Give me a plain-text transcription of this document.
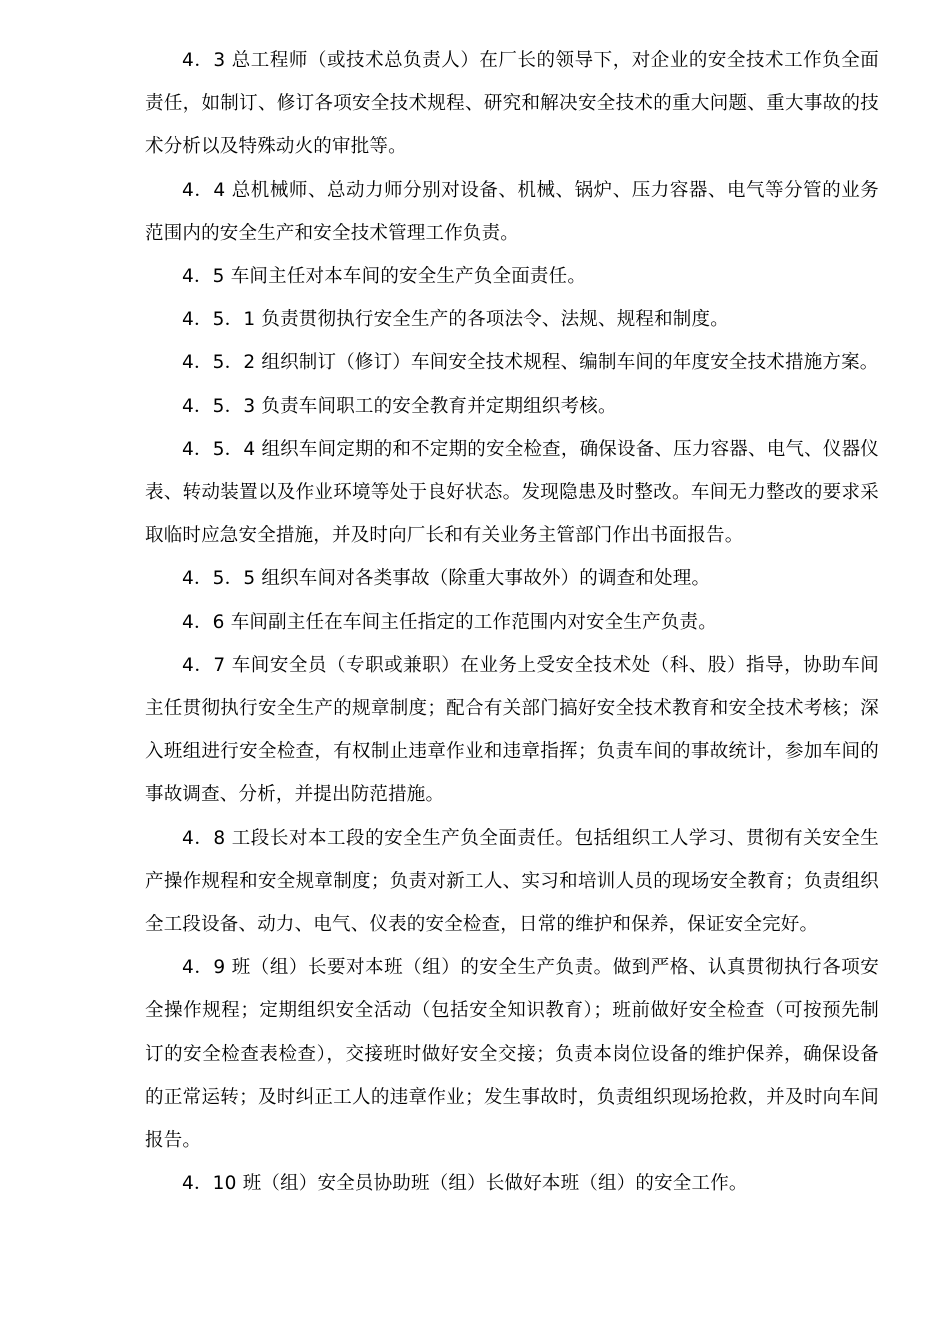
4．3 总工程师（或技术总负责人）在厂长的领导下，对企业的安全技术工作负全面责任，如制订、修订各项安全技术规程、研究和解决安全技术的重大问题、重大事故的技术分析以及特殊动火的审批等。

4．4 总机械师、总动力师分别对设备、机械、锅炉、压力容器、电气等分管的业务范围内的安全生产和安全技术管理工作负责。

4．5 车间主任对本车间的安全生产负全面责任。

4．5．1 负责贯彻执行安全生产的各项法令、法规、规程和制度。

4．5．2 组织制订（修订）车间安全技术规程、编制车间的年度安全技术措施方案。

4．5．3 负责车间职工的安全教育并定期组织考核。

4．5．4 组织车间定期的和不定期的安全检查，确保设备、压力容器、电气、仪器仪表、转动装置以及作业环境等处于良好状态。发现隐患及时整改。车间无力整改的要求采取临时应急安全措施，并及时向厂长和有关业务主管部门作出书面报告。

4．5．5 组织车间对各类事故（除重大事故外）的调查和处理。

4．6 车间副主任在车间主任指定的工作范围内对安全生产负责。

4．7 车间安全员（专职或兼职）在业务上受安全技术处（科、股）指导，协助车间主任贯彻执行安全生产的规章制度；配合有关部门搞好安全技术教育和安全技术考核；深入班组进行安全检查，有权制止违章作业和违章指挥；负责车间的事故统计，参加车间的事故调查、分析，并提出防范措施。

4．8 工段长对本工段的安全生产负全面责任。包括组织工人学习、贯彻有关安全生产操作规程和安全规章制度；负责对新工人、实习和培训人员的现场安全教育；负责组织全工段设备、动力、电气、仪表的安全检查，日常的维护和保养，保证安全完好。

4．9 班（组）长要对本班（组）的安全生产负责。做到严格、认真贯彻执行各项安全操作规程；定期组织安全活动（包括安全知识教育）；班前做好安全检查（可按预先制订的安全检查表检查），交接班时做好安全交接；负责本岗位设备的维护保养，确保设备的正常运转；及时纠正工人的违章作业；发生事故时，负责组织现场抢救，并及时向车间报告。

4．10 班（组）安全员协助班（组）长做好本班（组）的安全工作。
